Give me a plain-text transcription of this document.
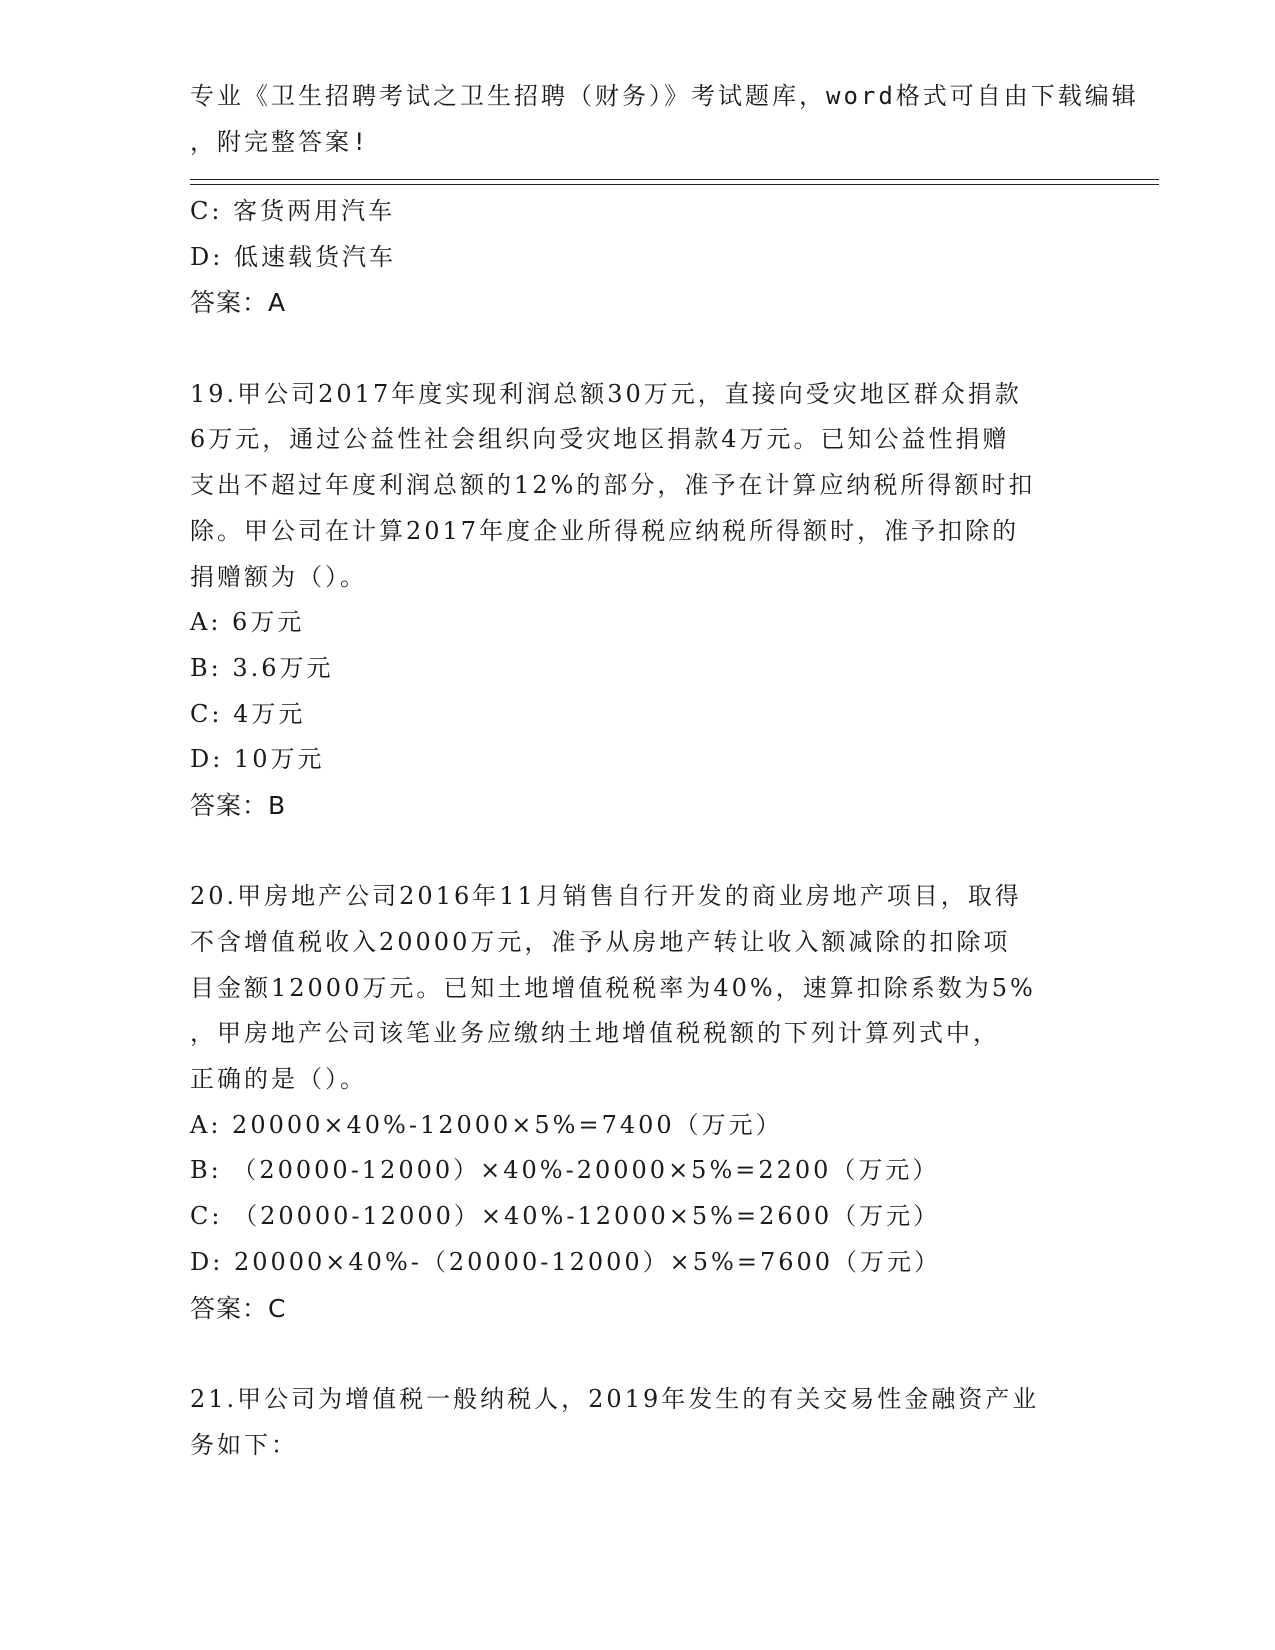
专业《卫生招聘考试之卫生招聘（财务）》考试题库，word格式可自由下载编辑
，附完整答案!
C: 客货两用汽车
D: 低速载货汽车
答案：A
19.甲公司2017年度实现利润总额30万元，直接向受灾地区群众捐款
6万元，通过公益性社会组织向受灾地区捐款4万元。已知公益性捐赠
支出不超过年度利润总额的12%的部分，准予在计算应纳税所得额时扣
除。甲公司在计算2017年度企业所得税应纳税所得额时，准予扣除的
捐赠额为（）。
A: 6万元
B: 3.6万元
C: 4万元
D: 10万元
答案：B
20.甲房地产公司2016年11月销售自行开发的商业房地产项目，取得
不含增值税收入20000万元，准予从房地产转让收入额减除的扣除项
目金额12000万元。已知土地增值税税率为40%，速算扣除系数为5%
，甲房地产公司该笔业务应缴纳土地增值税税额的下列计算列式中，
正确的是（）。
A: 20000×40%-12000×5%=7400（万元）
B: （20000-12000）×40%-20000×5%=2200（万元）
C: （20000-12000）×40%-12000×5%=2600（万元）
D: 20000×40%-（20000-12000）×5%=7600（万元）
答案：C
21.甲公司为增值税一般纳税人，2019年发生的有关交易性金融资产业
务如下：
